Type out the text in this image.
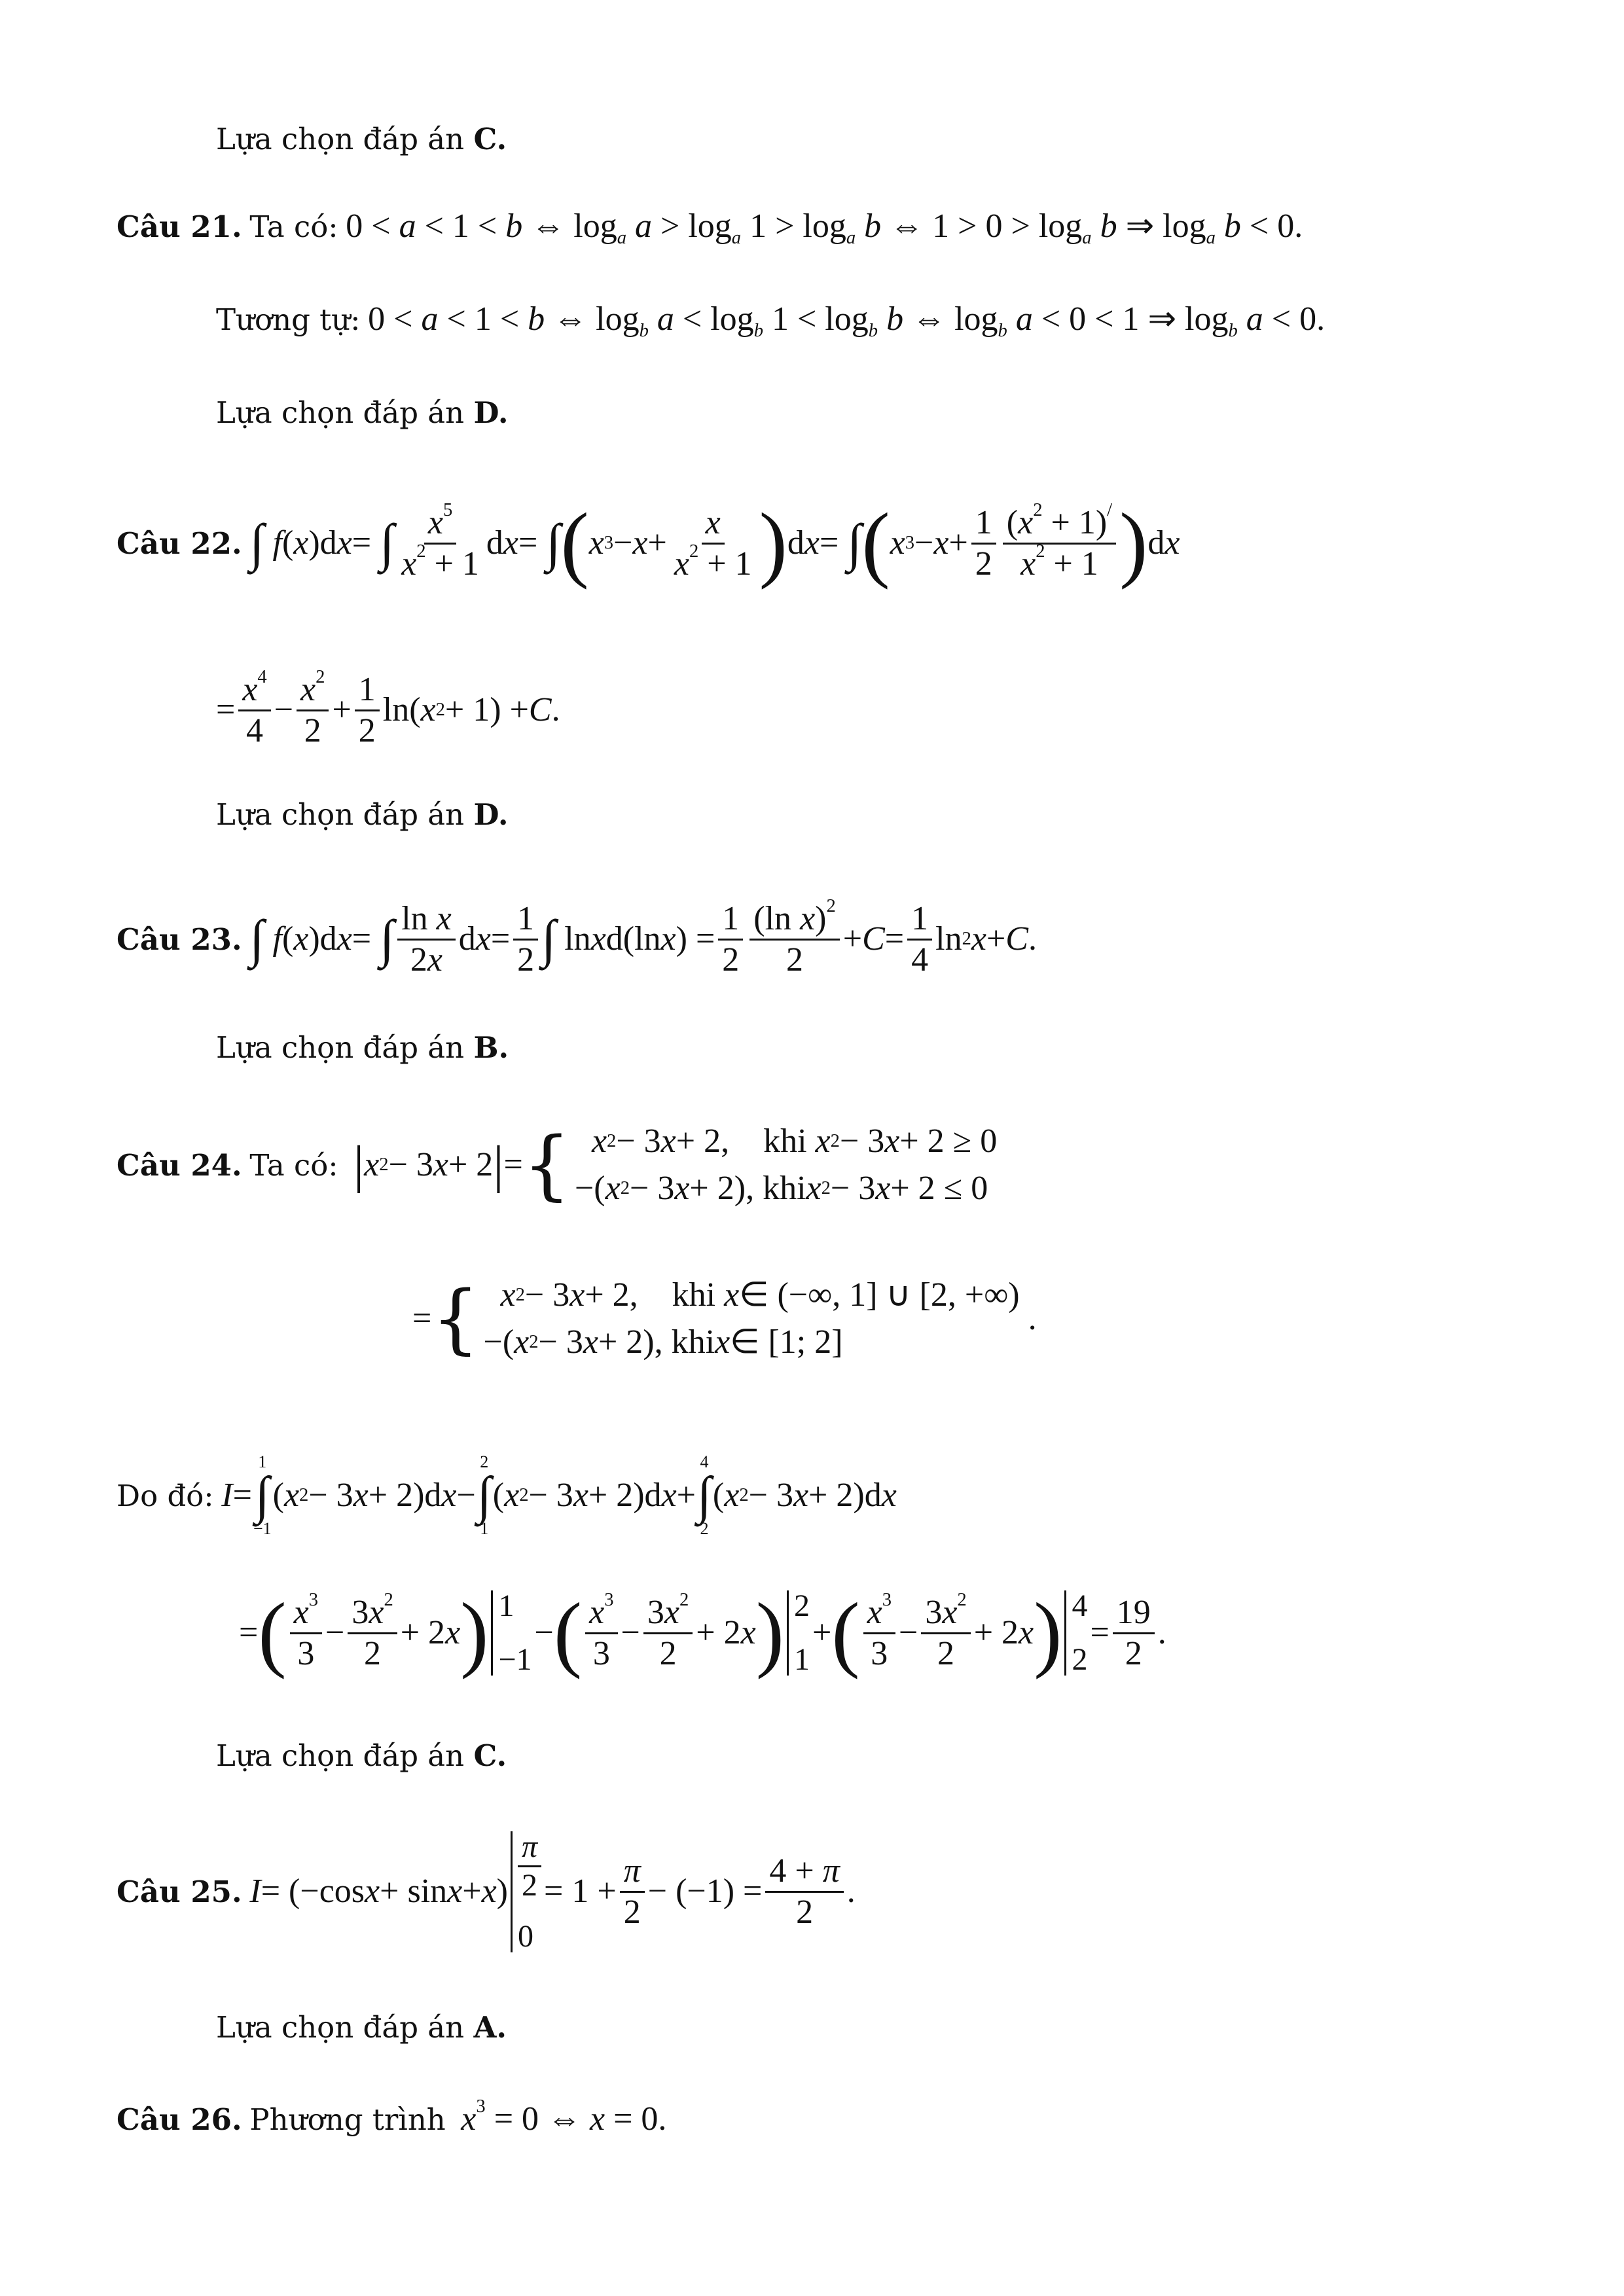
Lựa chọn đáp án C.
Câu 21. Ta có: 0 < a < 1 < b ⇔ $\log_a a > \log_a 1 > \log_a b$ ⇔ $1 > 0 > \log_a b$ ⇒ $\log_a b < 0$.
Tương tự: 0 < a < 1 < b ⇔ $\log_b a < \log_b 1 < \log_b b$ ⇔ $\log_b a < 0 < 1$ ⇒ $\log_b a < 0$.
Lựa chọn đáp án D.
Câu 22.
∫
f ( x )d x = ∫ $\frac{x^5}{x^2 + 1}$ d x = ∫ ( x $3 - x + \frac{x}{x^2 + 1}$ ) d x = ∫ ( x $3 - x + \frac{1}{2} \frac{(x^2 + 1)^/}{x^2 + 1}$ ) d x
= $\frac{x^4}{4} - \frac{x^2}{2} + \frac{1}{2} \ln$( x 2 + 1) + C .
Lựa chọn đáp án D.
Câu 23.
∫
f ( x )d x = ∫ $\frac{\text{ln x}}{2x}$ d $x = \frac{1}{2}$ ∫ ln x d(ln x ) = $\frac{1}{2} \frac{(\ln x)^2}{2} + C = \frac{1}{4}$ ln 2 x + C .
Lựa chọn đáp án B.
Câu 24.
Ta có:
| x 2 − 3 x + 2 | = {
x 2 − 3 x + 2,    khi x 2 − 3 x + 2 ≥ 0
−( x 2 − 3 x + 2), khi x 2 − 3 x + 2 ≤ 0
= {
x 2 − 3 x + 2,    khi x ∈ (−∞, 1] ∪ [2, +∞)
−( x 2 − 3 x + 2), khi x ∈ [1; 2]
.
Do đó:
I =
1
∫
−1
( x 2 − 3 x + 2)d x −
2
∫
1
( x 2 − 3 x + 2)d x +
4
∫
2
( x 2 − 3 x + 2)d x
= ( $\frac{x^3}{3} - \frac{3x^2}{2} + 2$ x ) 1
−1
− ( $\frac{x^3}{3} - \frac{3x^2}{2} + 2$ x ) 2
1
+ ( $\frac{x^3}{3} - \frac{3x^2}{2} + 2$ x ) 4
2
= $\frac{19}{2}$ .
Lựa chọn đáp án C.
Câu 25.
I = (−cos x + sin x + x ) $\frac{\pi}{2}$
0
= $1 + \frac{\pi}{2} - (-1) = \frac{4 + \pi}{2}$ .
Lựa chọn đáp án A.
Câu 26. Phương trình $x^3 = 0$ ⇔ x = 0.
